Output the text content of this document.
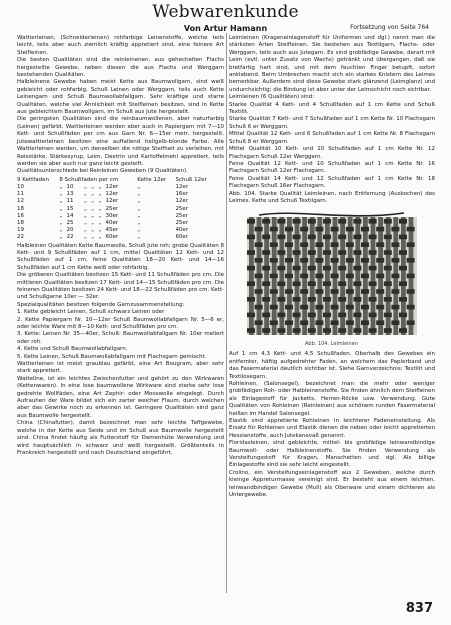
Webwarenkunde
Von Artur Hamann	Fortsetzung von Seite 764

Wattierleinen, (Schneiderleinen) rohfarbige Leinenstoffe, welche teils leicht, teils aber auch ziemlich kräftig appretiert sind, eine feinere Art Steifleinen.

Die besten Qualitäten sind die reinleinenen, aus gehechelten Flachs hergestellte Gewebe, neben diesen die aus Flachs und Werggarn bestehenden Qualitäten.

Halbleinene Gewebe haben meist Kette aus Baumwollgarn, sind weiß gebleicht oder rohfarbig, Schuß Leinen oder Werggarn, teils auch Kette Leinengarn und Schuß Baumwollabfallgarn. Sehr kräftige und starre Qualitäten, welche viel Ähnlichkeit mit Steifleinen besitzen, sind in Kette aus gebleichtem Baumwollgarn, im Schuß aus Jute hergestellt.

Die geringsten Qualitäten sind die reinbaumwollenen, aber naturfarbig (Leinen) gefärbt. Wattierleinen werden aber auch in Papiergarn mit 7—10 Kett- und Schußfäden per cm aus Garn Nr. 6—15er metr. hergestellt. Jutewattierleinen besitzen eine auffallend hellgelb-blonde Farbe. Alle Wattierleinen werden, um denselben die nötige Steifheit zu verleihen, mit Reisstärke, Stärkesyrup, Leim, Dextrin und Kartoffelmehl appretiert, teils werden sie aber auch nur ganz leicht gesteift.

Qualitätsunterschiede bei Reinleinen Geweben (9 Qualitäten).

9 Kettfaden	8 Schußfaden per cm						Kette 12er	Schuß 12er
10	„	10	„	„	„	12er	„	12er
11	„	13	„	„	„	12er	„	16er
12	„	11	„	„	„	12er	„	12er
18	„	15	„	„	„	25er	„	25er
16	„	14	„	„	„	30er	„	25er
18	„	25	„	„	„	40er	„	25er
19	„	20	„	„	„	45er	„	40er
22	„	22	„	„	„	60er	„	60er

Halbleinen Qualitäten Kette Baumwolle, Schuß Jute roh; grobe Qualitäten 8 Kett- und 9 Schußfäden auf 1 cm, mittel Qualitäten 12 Kett- und 12 Schußfäden auf 1 cm, feine Qualitäten 18—20 Kett- und 14—16 Schußfäden auf 1 cm Kette weiß oder rohfarbig.

Die gröberen Qualitäten besitzen 15 Kett- und 11 Schußfäden pro cm. Die mittleren Qualitäten besitzen 17 Kett- und 14—15 Schußfäden pro cm. Die feineren Qualitäten besitzen 24 Kett- und 18—22 Schußfäden pro cm. Kett- und Schußgarne 10er — 32er.

Spezialqualitäten besitzen folgende Garnzusammenstellung:

1. Kette gebleicht Leinen, Schuß schwarz Leinen oder

2. Kette Papiergarn Nr. 10—12er Schuß Baumwollabfallgarn Nr. 5—6 er, oder leichte Ware mit 8—10 Kett- und Schußfäden pro cm.

3. Kette: Leinen Nr. 35—40er, Schuß: Baumwollabfallgarn Nr. 10er meliert oder roh.

4. Kette und Schuß Baumwollabfallgarn.

5. Kette Leinen, Schuß Baumwollabfallgarn mit Flachsgarn gemischt.

Wattierleinen ist meist graublau gefärbt, eine Art Bougram, aber sehr stark appretiert.

Watteline, ist ein leichtes Zwischenfutter und gehört zu den Wirkwaren (Kettenwaren). In eine lose baumwollene Wirkware sind starke sehr lose gedrehte Wollfäden, eine Art Zephir- oder Mooswolle eingelegt. Durch Aufrauhen der Ware bildet sich ein zarter weicher Flaum, durch welchen aber das Gewirke noch zu erkennen ist. Geringere Qualitäten sind ganz aus Baumwolle hergestellt.

China (Chinafutter), damit bezeichnet man sehr leichte Taffgewebe, welche in der Kette aus Seide und im Schuß aus Baumwolle hergestellt sind. China findet häufig als Futterstoff für Damenhüte Verwendung und wird hauptsächlich in schwarz und weiß hergestellt. Größtenteils in Frankreich hergestellt und nach Deutschland eingeführt.

Leimleinen (Krageneinlagenstoff für Uniformen und dgl.) nennt man die stärksten Arten Steifleinen. Sie bestehen aus Textilgarn, Flachs- oder Werggarn, teils auch aus Jutegarn. Es sind grobfädige Gewebe, derart mit Leim (evtl. unter Zusatz von Wachs) getränkt und übergangen, daß sie bretfartig hart sind, und mit dem feuchten Finger betupft, sofort anklebend. Beim Umbrechen macht sich ein starkes Knistern des Leimes bemerkbar. Außerdem sind diese Gewebe stark glänzend (Leimglanz) und undurchsichtig; die Bindung ist aber unter der Leimschicht noch sichtbar.

Leimleinen (6 Qualitäten) sind:

Starke Qualität 4 Kett- und 4 Schußfaden auf 1 cm Kette und Schuß Textilit.

Starke Qualität 7 Kett- und 7 Schußfaden auf 1 cm Kette Nr. 10 Flachsgarn Schuß 6 er Werggarn.

Mittel Qualität 12 Kett- und 6 Schußfaden auf 1 cm Kette Nr. 8 Flachsgarn Schuß 8 er Werggarn.

Mittel Qualität 10 Kett- und 10 Schußfaden auf 1 cm Kette Nr. 12 Flachsgarn Schuß 12er Werggarn.

Feine Qualität 12 Kett- und 10 Schußfaden auf 1 cm Kette Nr. 16 Flachsgarn Schuß 12er Flachsgarn.

Feine Qualität 14 Kett- und 12 Schußfaden auf 1 cm Kette Nr. 18 Flachsgarn Schuß 16er Flachsgarn.

Abb. 104. Starke Qualität Leimleinen, nach Entfernung (Auskochen) des Leimes. Kette und Schuß Textilgarn.

Abb. 104. Leimleinen

Auf 1 cm 4,3 Kett- und 4,5 Schußfaden. Oberhalb des Gewebes ein entfernter, häftig aufgedrehter Faden, an welchem das Papierband und das Fasermaterial deutlich sichtbar ist. Siehe Garnverzeichnis: Textilit und Textilosegarn.

Rohleinen, (Salonsegel), bezeichnet man die mehr oder weniger grobfädigen Roh- oder Halbleinenstoffe. Sie finden ähnlich dem Steifleinen als Einlagestoff für Jacketts, Herren-Röcke usw. Verwendung. Gute Qualitäten von Rohleinen (Reinleinen) aus schönem runden Fasermaterial heißen im Handel Salonsegel.

Elastik sind appretierte Rohleinen in leichterer Fadeneinstellung. Als Ersatz für Rohleinen und Elastik dienen die neben oder leicht appretierten Hessianstoffe, auch Jutekanevaß genannt.

Floridasleinen, sind gebleichte, mittel- bis grobfädige leinwandbindige Baumwoll- oder Halbleinenstoffe. Sie finden Verwendung als Versteifungsstoff für Kragen, Manschetten und dgl. Als billige Einlagestoffe sind sie sehr leicht eingestellt.

Crolino, ein Versteifungseinlagenstoff aus 2 Geweben, welche durch kleinge Appreturmasse vereinigt sind. Er besteht aus einem leichten, leinwandbindigen Gewebe (Mull) als Oberware und einem dichteren als Untergewebe.

837
